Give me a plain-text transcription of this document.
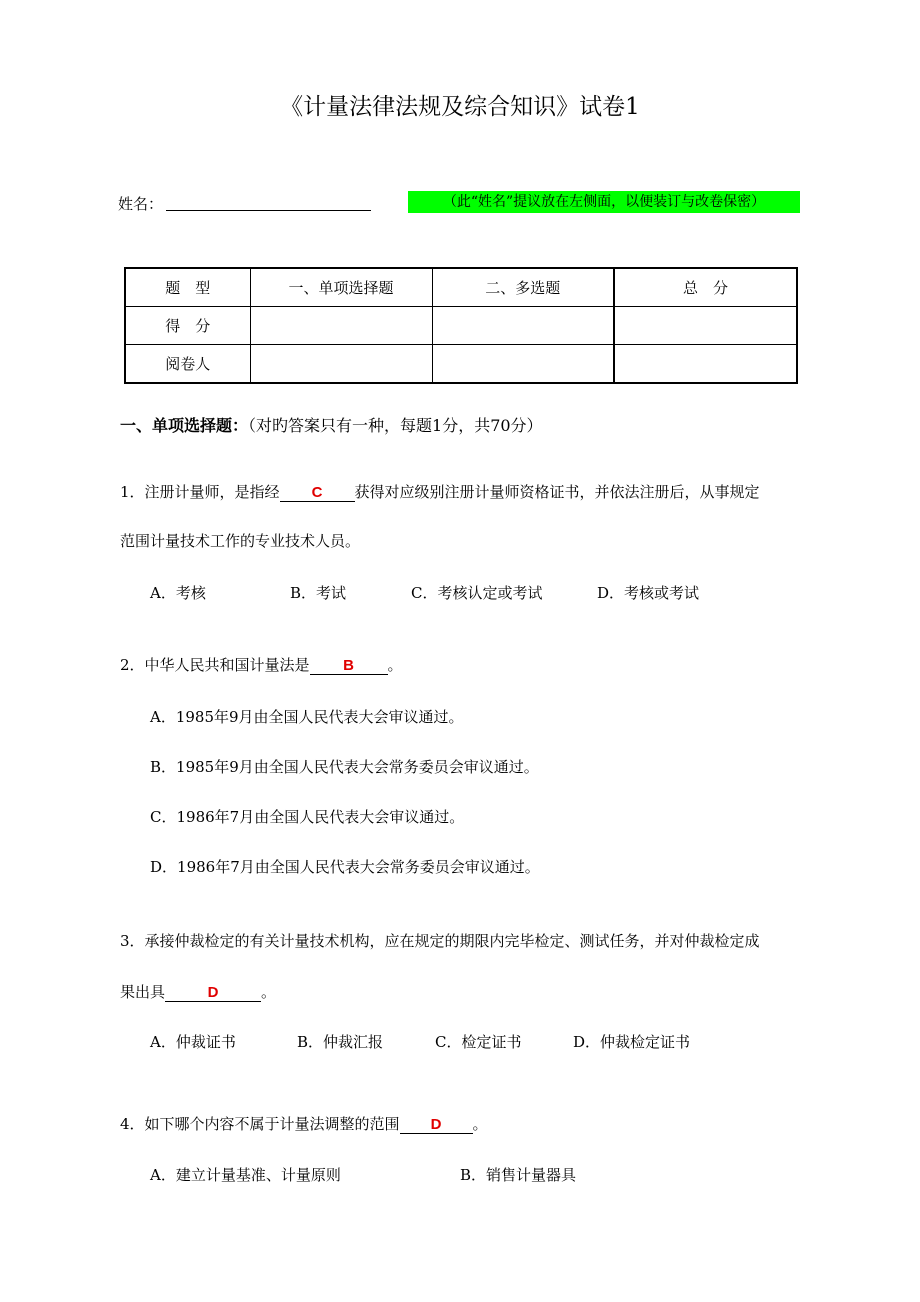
《计量法律法规及综合知识》试卷1
姓名：	（此“姓名”提议放在左侧面，以便装订与改卷保密）
题　型	一、单项选择题	二、多选题	总　分
得　分			
阅卷人			
一、单项选择题：（对旳答案只有一种，每题1分，共70分）
1．注册计量师，是指经 C 获得对应级别注册计量师资格证书，并依法注册后，从事规定
范围计量技术工作的专业技术人员。
A．考核	B．考试	C．考核认定或考试	D．考核或考试
2．中华人民共和国计量法是 B 。
A．1985年9月由全国人民代表大会审议通过。
B．1985年9月由全国人民代表大会常务委员会审议通过。
C．1986年7月由全国人民代表大会审议通过。
D．1986年7月由全国人民代表大会常务委员会审议通过。
3．承接仲裁检定的有关计量技术机构，应在规定的期限内完毕检定、测试任务，并对仲裁检定成
果出具	D	。
A．仲裁证书	B．仲裁汇报	C．检定证书	D．仲裁检定证书
4．如下哪个内容不属于计量法调整的范围 D 。
A．建立计量基准、计量原则	B．销售计量器具
